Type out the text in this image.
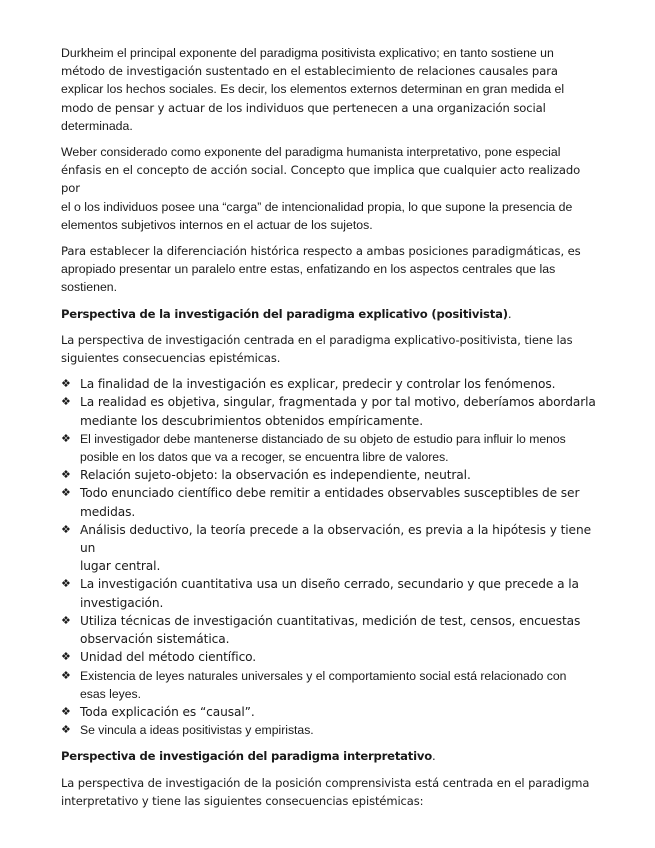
Durkheim el principal exponente del paradigma positivista explicativo; en tanto sostiene un
método de investigación sustentado en el establecimiento de relaciones causales para
explicar los hechos sociales. Es decir, los elementos externos determinan en gran medida el
modo de pensar y actuar de los individuos que pertenecen a una organización social
determinada.

Weber considerado como exponente del paradigma humanista interpretativo, pone especial
énfasis en el concepto de acción social. Concepto que implica que cualquier acto realizado por
el o los individuos posee una “carga” de intencionalidad propia, lo que supone la presencia de
elementos subjetivos internos en el actuar de los sujetos.

Para establecer la diferenciación histórica respecto a ambas posiciones paradigmáticas, es
apropiado presentar un paralelo entre estas, enfatizando en los aspectos centrales que las
sostienen.

Perspectiva de la investigación del paradigma explicativo (positivista).

La perspectiva de investigación centrada en el paradigma explicativo-positivista, tiene las
siguientes consecuencias epistémicas.

❖ La finalidad de la investigación es explicar, predecir y controlar los fenómenos.
❖ La realidad es objetiva, singular, fragmentada y por tal motivo, deberíamos abordarla
mediante los descubrimientos obtenidos empíricamente.
❖ El investigador debe mantenerse distanciado de su objeto de estudio para influir lo menos
posible en los datos que va a recoger, se encuentra libre de valores.
❖ Relación sujeto-objeto: la observación es independiente, neutral.
❖ Todo enunciado científico debe remitir a entidades observables susceptibles de ser
medidas.
❖ Análisis deductivo, la teoría precede a la observación, es previa a la hipótesis y tiene un
lugar central.
❖ La investigación cuantitativa usa un diseño cerrado, secundario y que precede a la
investigación.
❖ Utiliza técnicas de investigación cuantitativas, medición de test, censos, encuestas
observación sistemática.
❖ Unidad del método científico.
❖ Existencia de leyes naturales universales y el comportamiento social está relacionado con
esas leyes.
❖ Toda explicación es “causal”.
❖ Se vincula a ideas positivistas y empiristas.

Perspectiva de investigación del paradigma interpretativo.

La perspectiva de investigación de la posición comprensivista está centrada en el paradigma
interpretativo y tiene las siguientes consecuencias epistémicas:
